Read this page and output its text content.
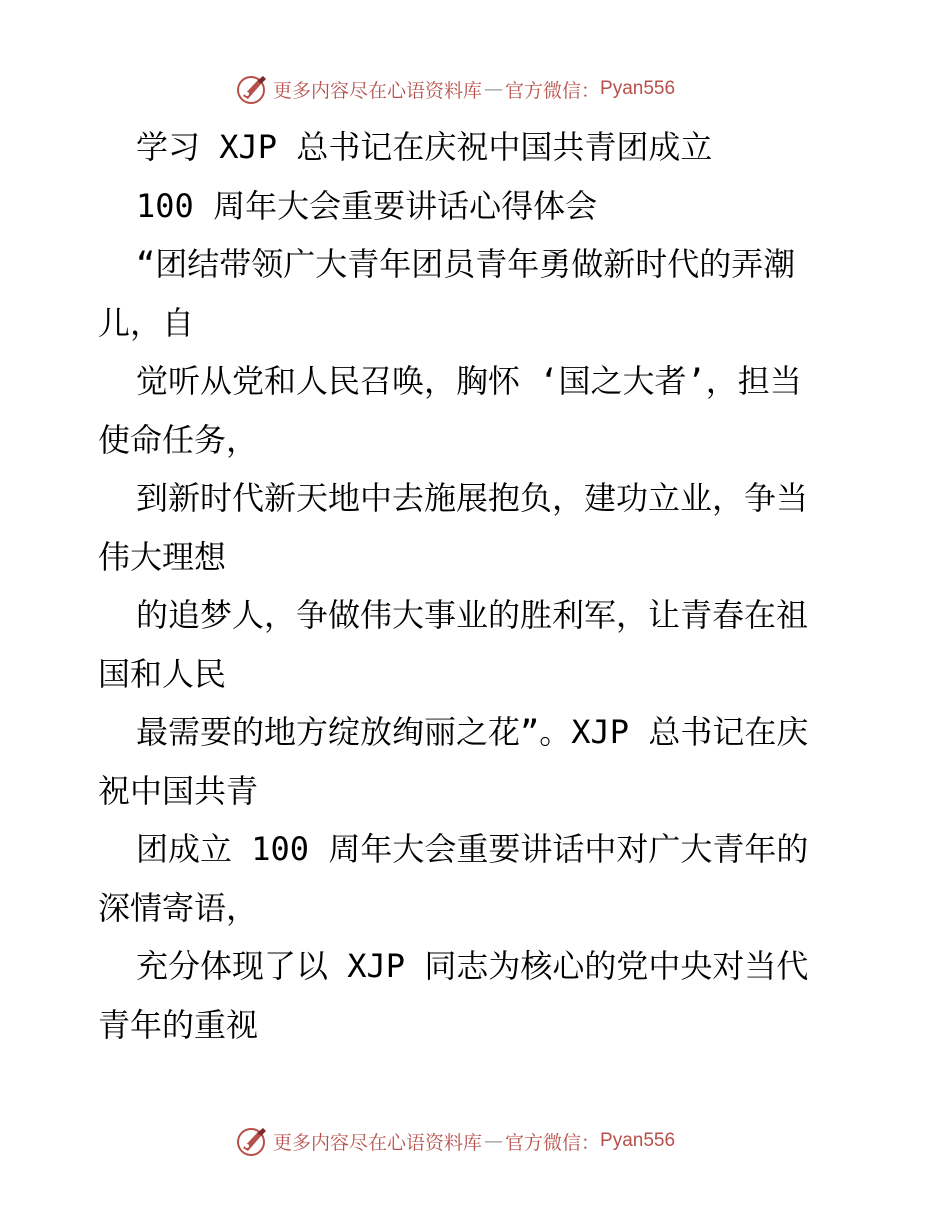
更多内容尽在心语资料库 — 官方微信： Pyan556
学习 XJP 总书记在庆祝中国共青团成立
100 周年大会重要讲话心得体会
“团结带领广大青年团员青年勇做新时代的弄潮
儿，自
觉听从党和人民召唤，胸怀 ‘国之大者’，担当
使命任务，
到新时代新天地中去施展抱负，建功立业，争当
伟大理想
的追梦人，争做伟大事业的胜利军，让青春在祖
国和人民
最需要的地方绽放绚丽之花”。XJP 总书记在庆
祝中国共青
团成立 100 周年大会重要讲话中对广大青年的
深情寄语，
充分体现了以 XJP 同志为核心的党中央对当代
青年的重视
更多内容尽在心语资料库 — 官方微信： Pyan556
